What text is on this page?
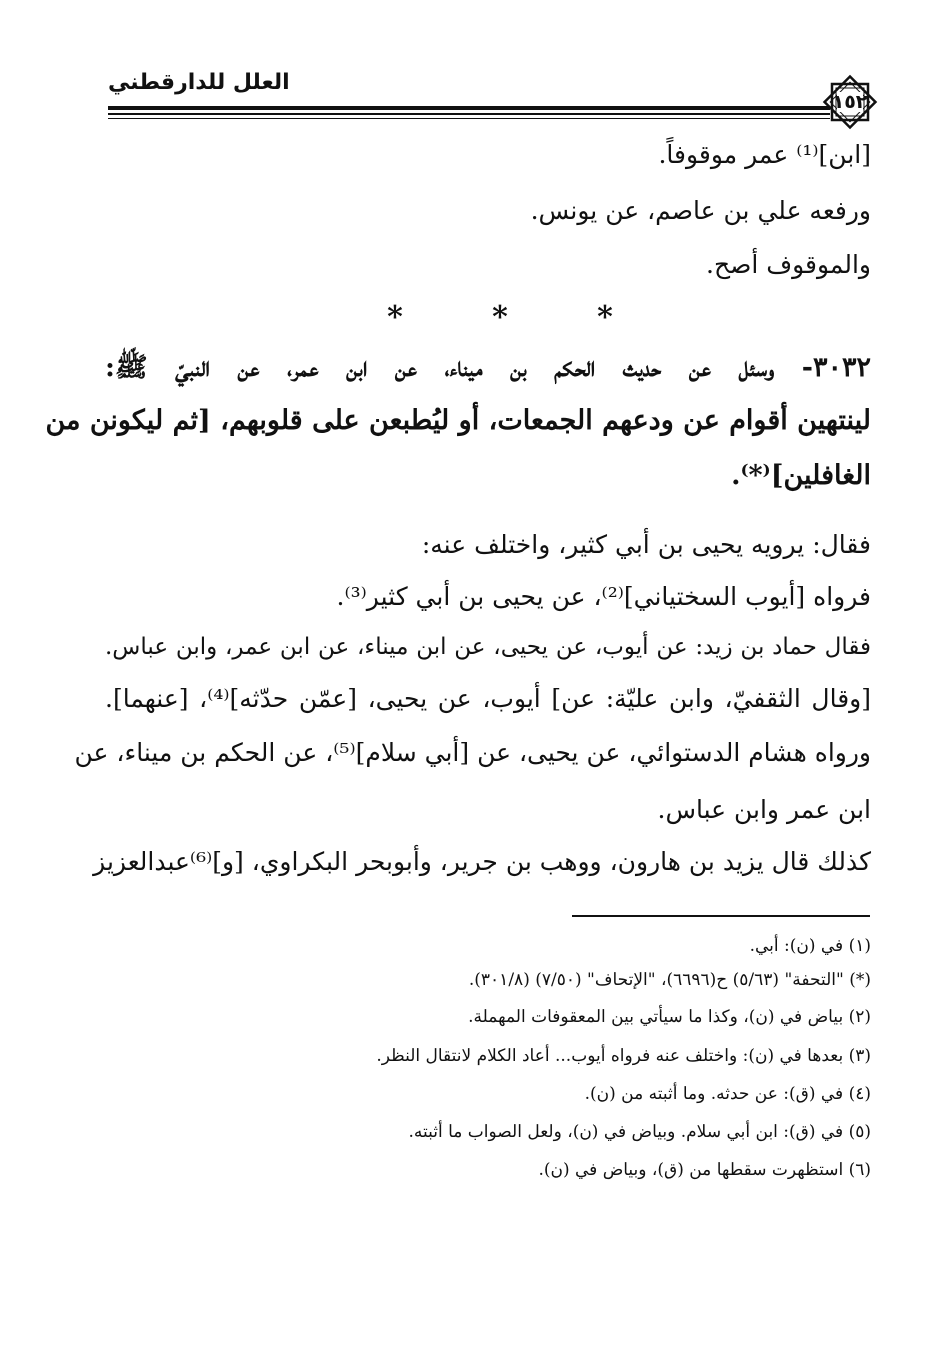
العلل للدارقطني
١٥٢
[ابن]⁽¹⁾ عمر موقوفاً.
ورفعه علي بن عاصم، عن يونس.
والموقوف أصح.
*	*	*
٣٠٣٢- وسئل عن حديث الحكم بن ميناء، عن ابن عمر، عن النبيّ ﷺ:
لينتهين أقوام عن ودعهم الجمعات، أو ليُطبعن على قلوبهم، [ثم ليكونن من
الغافلين]⁽*⁾.
فقال: يرويه يحيى بن أبي كثير، واختلف عنه:
فرواه [أيوب السختياني]⁽²⁾، عن يحيى بن أبي كثير⁽³⁾.
فقال حماد بن زيد: عن أيوب، عن يحيى، عن ابن ميناء، عن ابن عمر، وابن عباس.
[وقال الثقفيّ، وابن عليّة: عن] أيوب، عن يحيى، [عمّن حدّثه]⁽⁴⁾، [عنهما].
ورواه هشام الدستوائي، عن يحيى، عن [أبي سلام]⁽⁵⁾، عن الحكم بن ميناء، عن
ابن عمر وابن عباس.
كذلك قال يزيد بن هارون، ووهب بن جرير، وأبوبحر البكراوي، [و]⁽⁶⁾عبدالعزيز
(١) في (ن): أبي.
(*) "التحفة" (٥/٦٣) ح(٦٦٩٦)، "الإتحاف" (٧/٥٠) (٣٠١/٨).
(٢) بياض في (ن)، وكذا ما سيأتي بين المعقوفات المهملة.
(٣) بعدها في (ن): واختلف عنه فرواه أيوب... أعاد الكلام لانتقال النظر.
(٤) في (ق): عن حدثه. وما أثبته من (ن).
(٥) في (ق): ابن أبي سلام. وبياض في (ن)، ولعل الصواب ما أثبته.
(٦) استظهرت سقطها من (ق)، وبياض في (ن).
